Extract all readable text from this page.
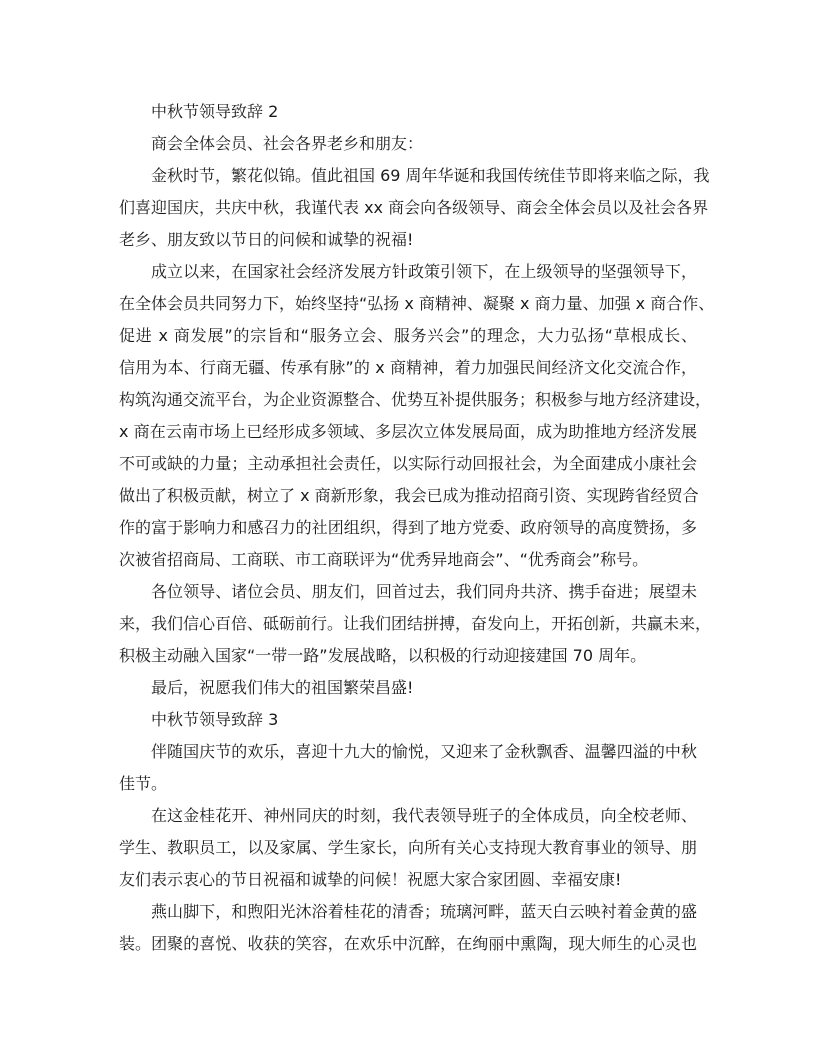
中秋节领导致辞 2
商会全体会员、社会各界老乡和朋友：
金秋时节，繁花似锦。值此祖国 69 周年华诞和我国传统佳节即将来临之际，我
们喜迎国庆，共庆中秋，我谨代表 xx 商会向各级领导、商会全体会员以及社会各界
老乡、朋友致以节日的问候和诚挚的祝福!
成立以来，在国家社会经济发展方针政策引领下，在上级领导的坚强领导下，
在全体会员共同努力下，始终坚持“弘扬 x 商精神、凝聚 x 商力量、加强 x 商合作、
促进 x 商发展”的宗旨和“服务立会、服务兴会”的理念，大力弘扬“草根成长、
信用为本、行商无疆、传承有脉”的 x 商精神，着力加强民间经济文化交流合作，
构筑沟通交流平台，为企业资源整合、优势互补提供服务；积极参与地方经济建设，
x 商在云南市场上已经形成多领域、多层次立体发展局面，成为助推地方经济发展
不可或缺的力量；主动承担社会责任，以实际行动回报社会，为全面建成小康社会
做出了积极贡献，树立了 x 商新形象，我会已成为推动招商引资、实现跨省经贸合
作的富于影响力和感召力的社团组织，得到了地方党委、政府领导的高度赞扬，多
次被省招商局、工商联、市工商联评为“优秀异地商会”、“优秀商会”称号。
各位领导、诸位会员、朋友们，回首过去，我们同舟共济、携手奋进；展望未
来，我们信心百倍、砥砺前行。让我们团结拼搏，奋发向上，开拓创新，共赢未来，
积极主动融入国家“一带一路”发展战略，以积极的行动迎接建国 70 周年。
最后，祝愿我们伟大的祖国繁荣昌盛!
中秋节领导致辞 3
伴随国庆节的欢乐，喜迎十九大的愉悦，又迎来了金秋飘香、温馨四溢的中秋
佳节。
在这金桂花开、神州同庆的时刻，我代表领导班子的全体成员，向全校老师、
学生、教职员工，以及家属、学生家长，向所有关心支持现大教育事业的领导、朋
友们表示衷心的节日祝福和诚挚的问候！祝愿大家合家团圆、幸福安康!
燕山脚下，和煦阳光沐浴着桂花的清香；琉璃河畔，蓝天白云映衬着金黄的盛
装。团聚的喜悦、收获的笑容，在欢乐中沉醉，在绚丽中熏陶，现大师生的心灵也
